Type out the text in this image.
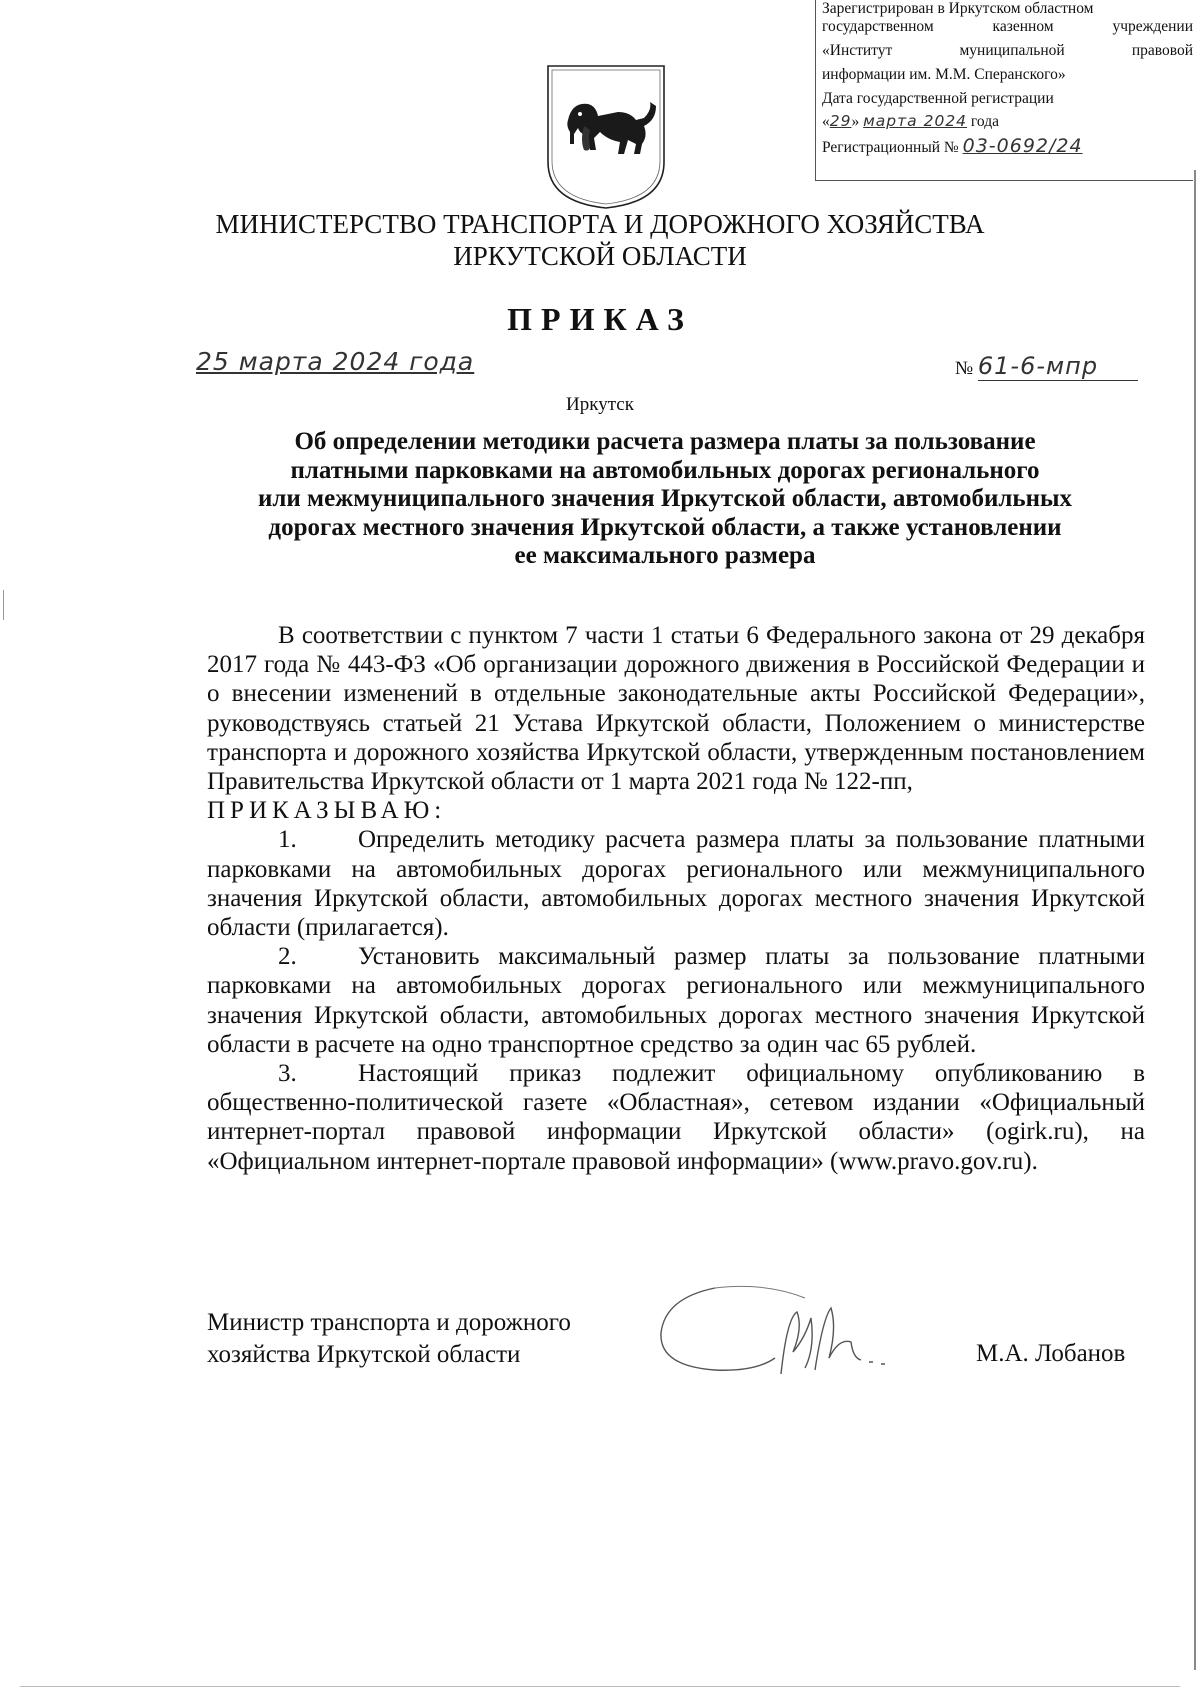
Зарегистрирован в Иркутском областном
государственном казенном учреждении
«Институт муниципальной правовой
информации им. М.М. Сперанского»
Дата государственной регистрации
«29» марта 2024 года
Регистрационный № 03-0692/24
МИНИСТЕРСТВО ТРАНСПОРТА И ДОРОЖНОГО ХОЗЯЙСТВА
ИРКУТСКОЙ ОБЛАСТИ
ПРИКАЗ
25 марта 2024 года	№ 61-6-мпр
Иркутск
Об определении методики расчета размера платы за пользование
платными парковками на автомобильных дорогах регионального
или межмуниципального значения Иркутской области, автомобильных
дорогах местного значения Иркутской области, а также установлении
ее максимального размера

В соответствии с пунктом 7 части 1 статьи 6 Федерального закона от 29 декабря 2017 года № 443-ФЗ «Об организации дорожного движения в Российской Федерации и о внесении изменений в отдельные законодательные акты Российской Федерации», руководствуясь статьей 21 Устава Иркутской области, Положением о министерстве транспорта и дорожного хозяйства Иркутской области, утвержденным постановлением Правительства Иркутской области от 1 марта 2021 года № 122-пп,

ПРИКАЗЫВАЮ:

1. Определить методику расчета размера платы за пользование платными парковками на автомобильных дорогах регионального или межмуниципального значения Иркутской области, автомобильных дорогах местного значения Иркутской области (прилагается).

2. Установить максимальный размер платы за пользование платными парковками на автомобильных дорогах регионального или межмуниципального значения Иркутской области, автомобильных дорогах местного значения Иркутской области в расчете на одно транспортное средство за один час 65 рублей.

3. Настоящий приказ подлежит официальному опубликованию в общественно-политической газете «Областная», сетевом издании «Официальный интернет-портал правовой информации Иркутской области» (ogirk.ru), на «Официальном интернет-портале правовой информации» (www.pravo.gov.ru).

Министр транспорта и дорожного
хозяйства Иркутской области	М.А. Лобанов
